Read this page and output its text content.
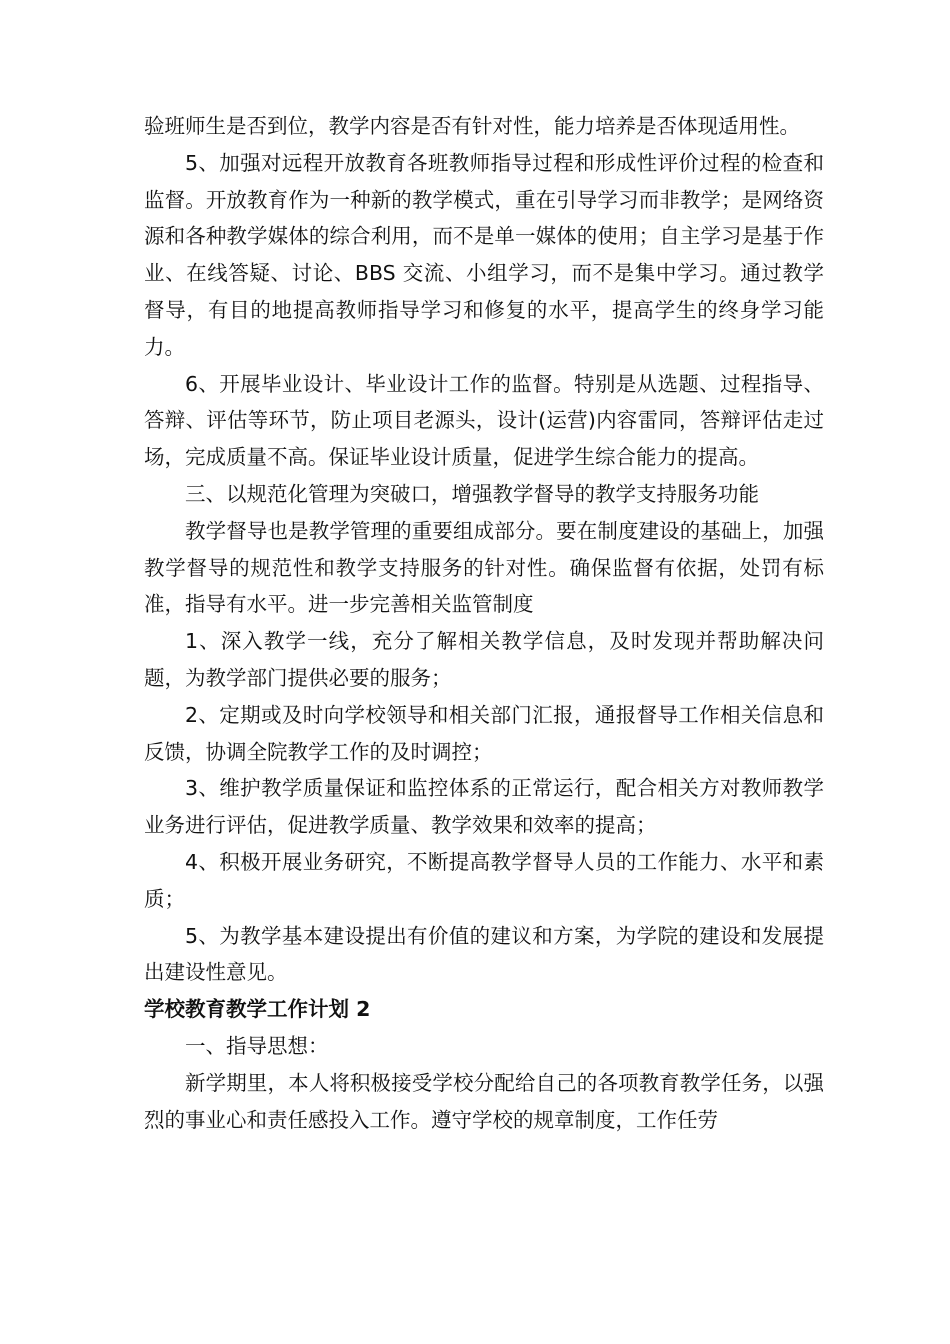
验班师生是否到位，教学内容是否有针对性，能力培养是否体现适用性。

5、加强对远程开放教育各班教师指导过程和形成性评价过程的检查和监督。开放教育作为一种新的教学模式，重在引导学习而非教学；是网络资源和各种教学媒体的综合利用，而不是单一媒体的使用；自主学习是基于作业、在线答疑、讨论、BBS 交流、小组学习，而不是集中学习。通过教学督导，有目的地提高教师指导学习和修复的水平，提高学生的终身学习能力。

6、开展毕业设计、毕业设计工作的监督。特别是从选题、过程指导、答辩、评估等环节，防止项目老源头，设计(运营)内容雷同，答辩评估走过场，完成质量不高。保证毕业设计质量，促进学生综合能力的提高。

三、以规范化管理为突破口，增强教学督导的教学支持服务功能

教学督导也是教学管理的重要组成部分。要在制度建设的基础上，加强教学督导的规范性和教学支持服务的针对性。确保监督有依据，处罚有标准，指导有水平。进一步完善相关监管制度

1、深入教学一线，充分了解相关教学信息，及时发现并帮助解决问题，为教学部门提供必要的服务；

2、定期或及时向学校领导和相关部门汇报，通报督导工作相关信息和反馈，协调全院教学工作的及时调控；

3、维护教学质量保证和监控体系的正常运行，配合相关方对教师教学业务进行评估，促进教学质量、教学效果和效率的提高；

4、积极开展业务研究，不断提高教学督导人员的工作能力、水平和素质；

5、为教学基本建设提出有价值的建议和方案，为学院的建设和发展提出建设性意见。

学校教育教学工作计划 2

一、指导思想：

新学期里，本人将积极接受学校分配给自己的各项教育教学任务，以强烈的事业心和责任感投入工作。遵守学校的规章制度，工作任劳
